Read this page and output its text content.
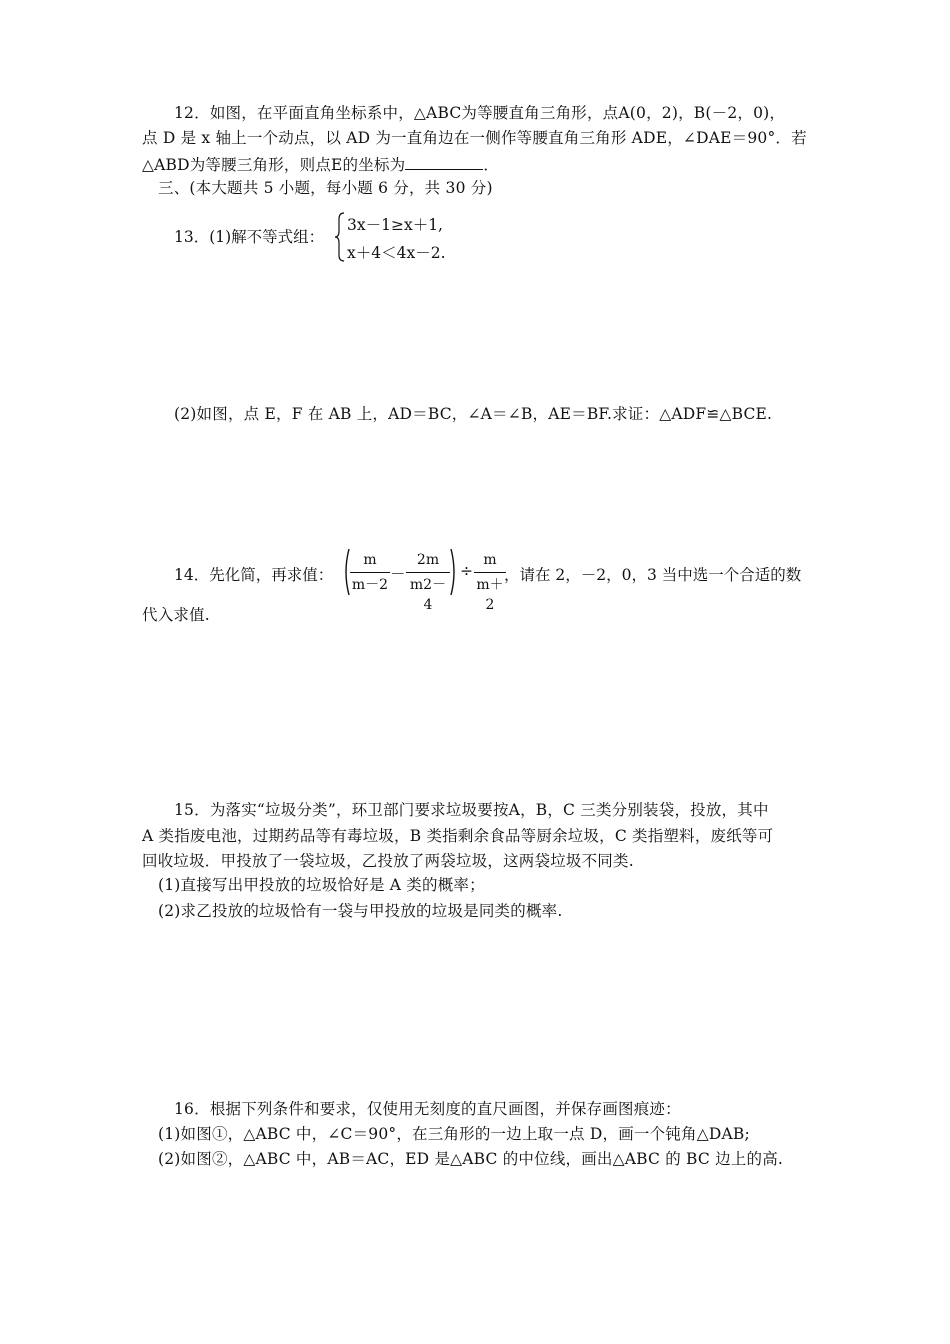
12．如图，在平面直角坐标系中，△ABC为等腰直角三角形，点A(0，2)，B(－2，0)，
点 D 是 x 轴上一个动点，以 AD 为一直角边在一侧作等腰直角三角形 ADE，∠DAE＝90°．若
△ABD为等腰三角形，则点E的坐标为	．
三、(本大题共 5 小题，每小题 6 分，共 30 分)
13．(1)解不等式组：
3x－1≥x＋1,
x＋4＜4x－2.
(2)如图，点 E，F 在 AB 上，AD＝BC，∠A＝∠B，AE＝BF.求证：△ADF≌△BCE.
14．先化简，再求值：
m
m－2
－
2m
m2－4
÷
m
m＋2
，请在 2，－2，0，3 当中选一个合适的数
代入求值.
15．为落实“垃圾分类”，环卫部门要求垃圾要按A，B，C 三类分别装袋，投放，其中
A 类指废电池，过期药品等有毒垃圾，B 类指剩余食品等厨余垃圾，C 类指塑料，废纸等可
回收垃圾．甲投放了一袋垃圾，乙投放了两袋垃圾，这两袋垃圾不同类.
(1)直接写出甲投放的垃圾恰好是 A 类的概率；
(2)求乙投放的垃圾恰有一袋与甲投放的垃圾是同类的概率.
16．根据下列条件和要求，仅使用无刻度的直尺画图，并保存画图痕迹：
(1)如图①，△ABC 中，∠C＝90°，在三角形的一边上取一点 D，画一个钝角△DAB;
(2)如图②，△ABC 中，AB＝AC，ED 是△ABC 的中位线，画出△ABC 的 BC 边上的高.
